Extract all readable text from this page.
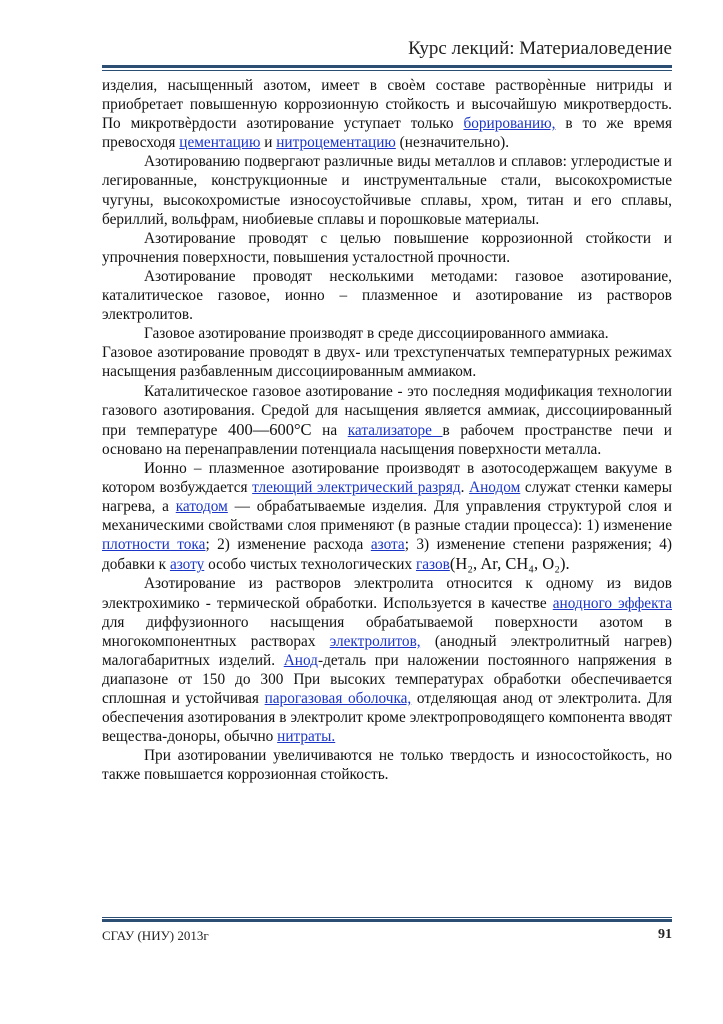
Курс лекций: Материаловедение

изделия, насыщенный азотом, имеет в своѐм составе растворѐнные нитриды и приобретает повышенную коррозионную стойкость и высочайшую микротвердость. По микротвѐрдости азотирование уступает только борированию, в то же время превосходя цементацию и нитроцементацию (незначительно).

Азотированию подвергают различные виды металлов и сплавов: углеродистые и легированные, конструкционные и инструментальные стали, высокохромистые чугуны, высокохромистые износоустойчивые сплавы, хром, титан и его сплавы, бериллий, вольфрам, ниобиевые сплавы и порошковые материалы.

Азотирование проводят с целью повышение коррозионной стойкости и упрочнения поверхности, повышения усталостной прочности.

Азотирование проводят несколькими методами: газовое азотирование, каталитическое газовое, ионно – плазменное и азотирование из растворов электролитов.

Газовое азотирование производят в среде диссоциированного аммиака.

Газовое азотирование проводят в двух- или трехступенчатых температурных режимах насыщения разбавленным диссоциированным аммиаком.

Каталитическое газовое азотирование - это последняя модификация технологии газового азотирования. Средой для насыщения является аммиак, диссоциированный при температуре 400—600°С на катализаторе в рабочем пространстве печи и основано на перенаправлении потенциала насыщения поверхности металла.

Ионно – плазменное азотирование производят в азотосодержащем вакууме в котором возбуждается тлеющий электрический разряд. Анодом служат стенки камеры нагрева, а катодом — обрабатываемые изделия. Для управления структурой слоя и механическими свойствами слоя применяют (в разные стадии процесса): 1) изменение плотности тока; 2) изменение расхода азота; 3) изменение степени разряжения; 4) добавки к азоту особо чистых технологических газов(H₂, Ar, CH₄, O₂).

Азотирование из растворов электролита относится к одному из видов электрохимико - термической обработки. Используется в качестве анодного эффекта для диффузионного насыщения обрабатываемой поверхности азотом в многокомпонентных растворах электролитов, (анодный электролитный нагрев) малогабаритных изделий. Анод-деталь при наложении постоянного напряжения в диапазоне от 150 до 300 При высоких температурах обработки обеспечивается сплошная и устойчивая парогазовая оболочка, отделяющая анод от электролита. Для обеспечения азотирования в электролит кроме электропроводящего компонента вводят вещества-доноры, обычно нитраты.

При азотировании увеличиваются не только твердость и износостойкость, но также повышается коррозионная стойкость.

СГАУ (НИУ) 2013г	91
